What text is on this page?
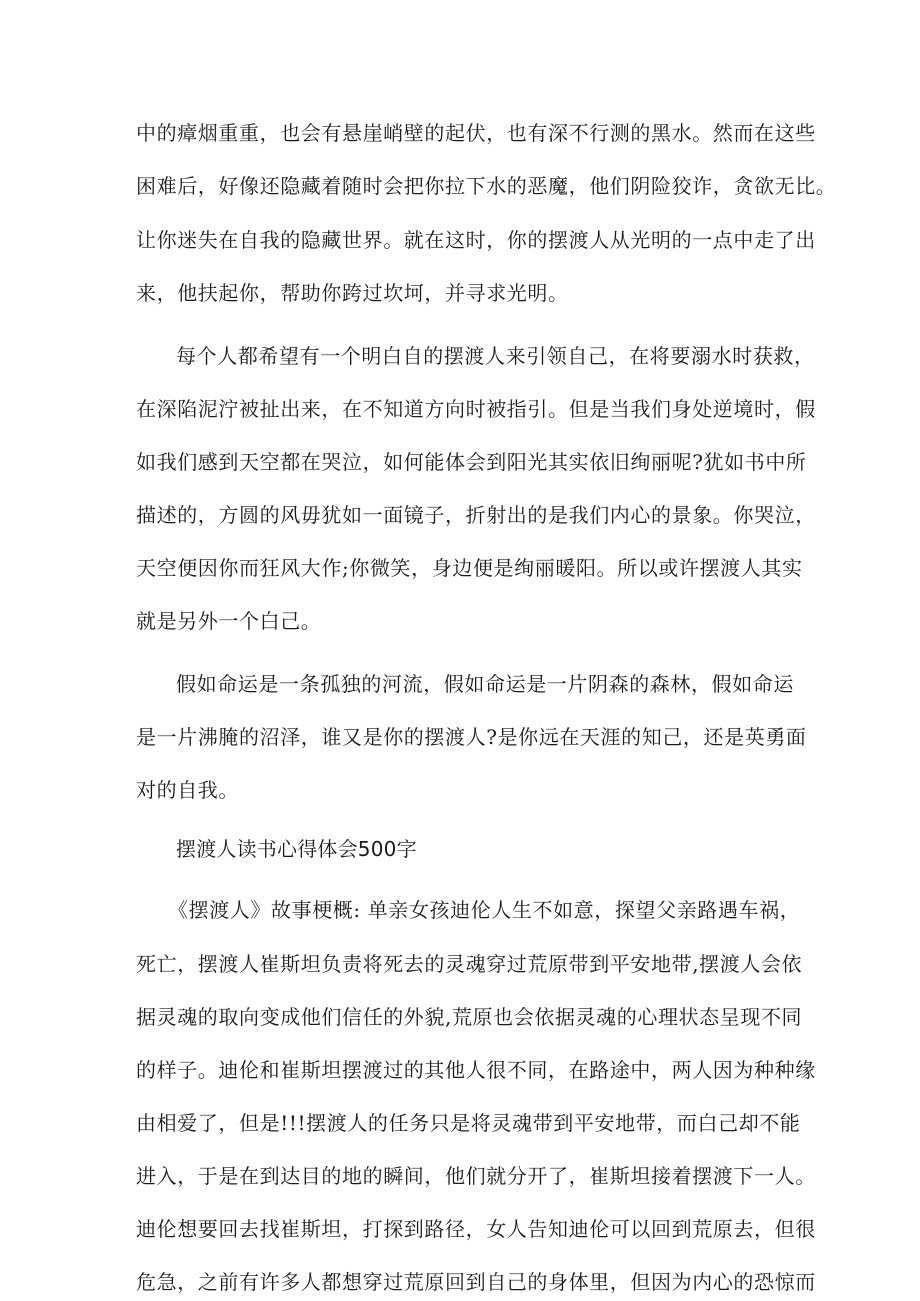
中的瘴烟重重，也会有悬崖峭壁的起伏，也有深不行测的黑水。然而在这些
困难后，好像还隐藏着随时会把你拉下水的恶魔，他们阴险狡诈，贪欲无比。
让你迷失在自我的隐藏世界。就在这时，你的摆渡人从光明的一点中走了出
来，他扶起你，帮助你跨过坎坷，并寻求光明。
每个人都希望有一个明白自的摆渡人来引领自己，在将要溺水时获救，
在深陷泥泞被扯出来，在不知道方向时被指引。但是当我们身处逆境时，假
如我们感到天空都在哭泣，如何能体会到阳光其实依旧绚丽呢?犹如书中所
描述的，方圆的风毋犹如一面镜子，折射出的是我们内心的景象。你哭泣，
天空便因你而狂风大作;你微笑，身边便是绚丽暖阳。所以或许摆渡人其实
就是另外一个白己。
假如命运是一条孤独的河流，假如命运是一片阴森的森林，假如命运
是一片沸腌的沼泽，谁又是你的摆渡人?是你远在天涯的知己，还是英勇面
对的自我。
摆渡人读书心得体会500字
《摆渡人》故事梗概: 单亲女孩迪伦人生不如意，探望父亲路遇车祸，
死亡，摆渡人崔斯坦负责将死去的灵魂穿过荒原带到平安地带,摆渡人会依
据灵魂的取向变成他们信任的外貌,荒原也会依据灵魂的心理状态呈现不同
的样子。迪伦和崔斯坦摆渡过的其他人很不同，在路途中，两人因为种种缘
由相爱了，但是!!!摆渡人的任务只是将灵魂带到平安地带，而白己却不能
进入，于是在到达目的地的瞬间，他们就分开了，崔斯坦接着摆渡下一人。
迪伦想要回去找崔斯坦，打探到路径，女人告知迪伦可以回到荒原去，但很
危急，之前有许多人都想穿过荒原回到自己的身体里，但因为内心的恐惊而
